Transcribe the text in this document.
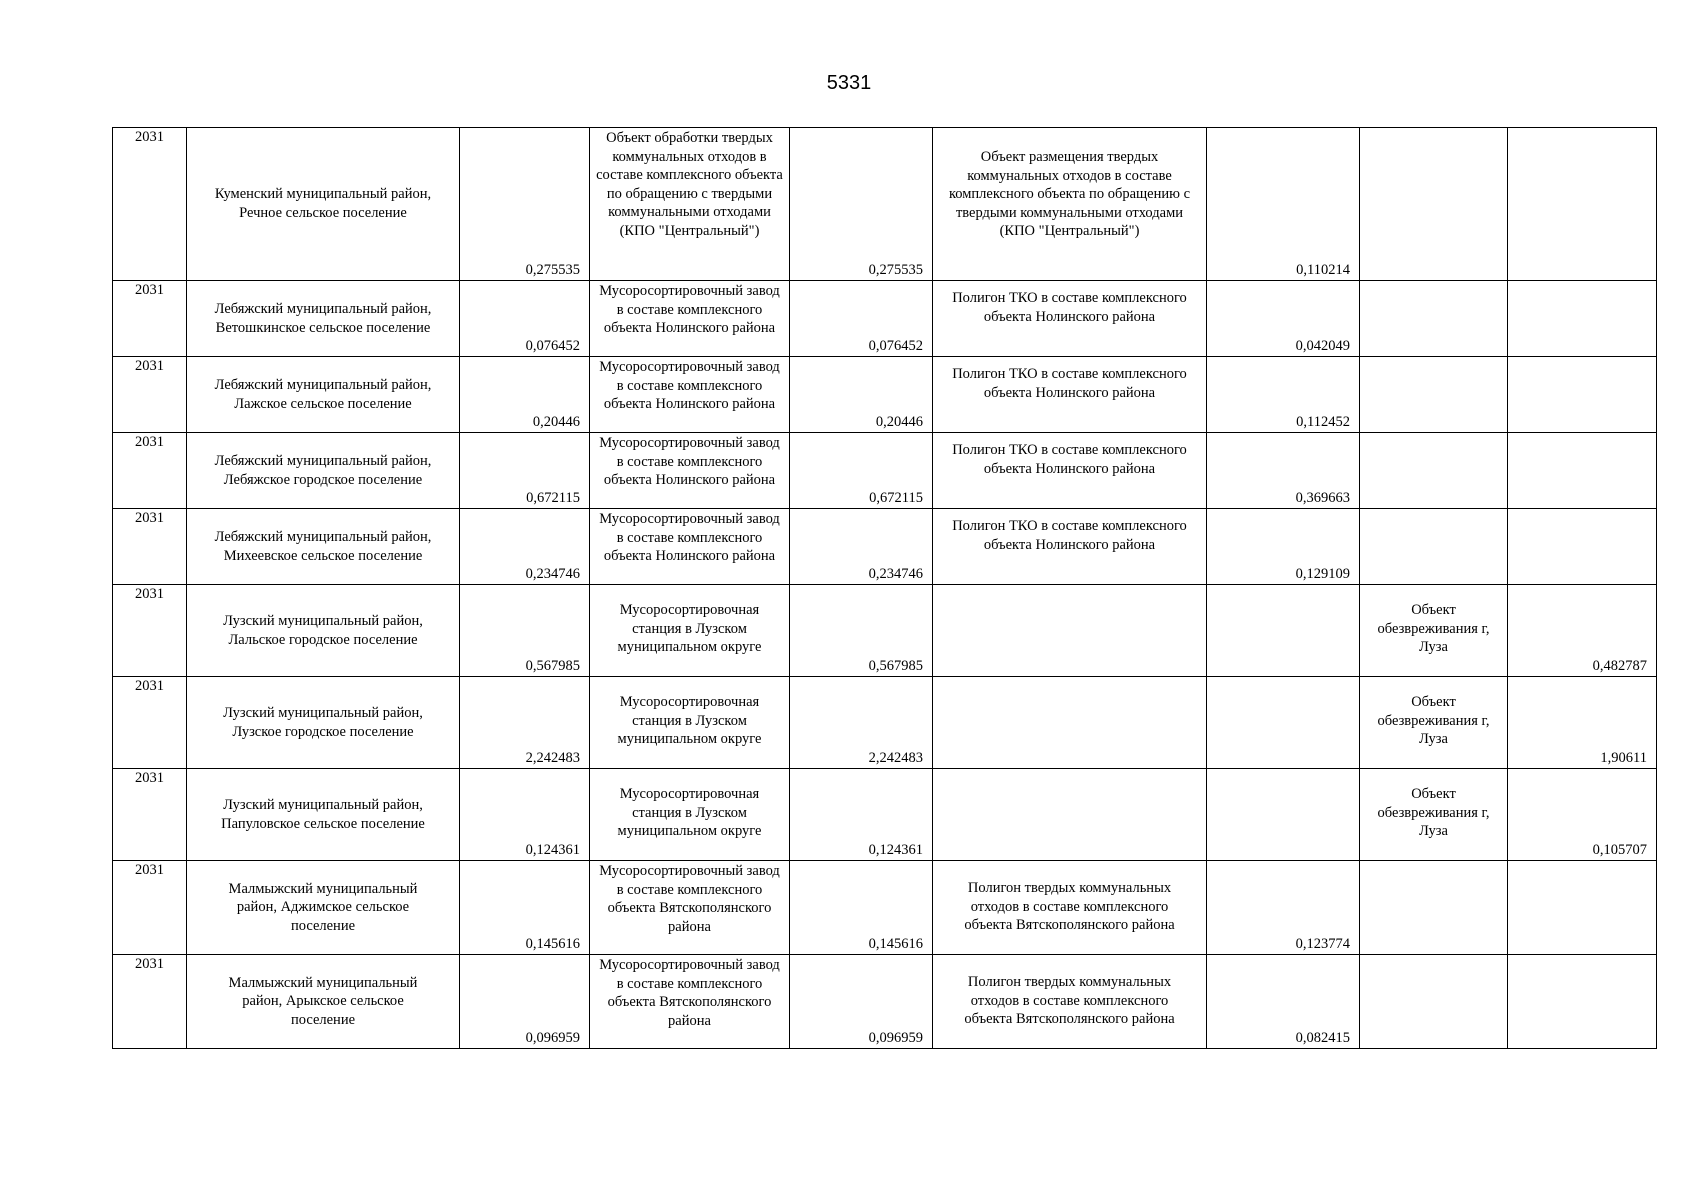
5331
2031	Куменский муниципальный район, Речное сельское поселение	0,275535	Объект обработки твердых коммунальных отходов в составе комплексного объекта по обращению с твердыми коммунальными отходами (КПО "Центральный")	0,275535	Объект размещения твердых коммунальных отходов в составе комплексного объекта по обращению с твердыми коммунальными отходами (КПО "Центральный")	0,110214		
2031	Лебяжский муниципальный район, Ветошкинское сельское поселение	0,076452	Мусоросортировочный завод в составе комплексного объекта Нолинского района	0,076452	Полигон ТКО в составе комплексного объекта Нолинского района	0,042049		
2031	Лебяжский муниципальный район, Лажское сельское поселение	0,20446	Мусоросортировочный завод в составе комплексного объекта Нолинского района	0,20446	Полигон ТКО в составе комплексного объекта Нолинского района	0,112452		
2031	Лебяжский муниципальный район, Лебяжское городское поселение	0,672115	Мусоросортировочный завод в составе комплексного объекта Нолинского района	0,672115	Полигон ТКО в составе комплексного объекта Нолинского района	0,369663		
2031	Лебяжский муниципальный район, Михеевское сельское поселение	0,234746	Мусоросортировочный завод в составе комплексного объекта Нолинского района	0,234746	Полигон ТКО в составе комплексного объекта Нолинского района	0,129109		
2031	Лузский муниципальный район, Лальское городское поселение	0,567985	Мусоросортировочная станция в Лузском муниципальном округе	0,567985			Объект обезвреживания г, Луза	0,482787
2031	Лузский муниципальный район, Лузское городское поселение	2,242483	Мусоросортировочная станция в Лузском муниципальном округе	2,242483			Объект обезвреживания г, Луза	1,90611
2031	Лузский муниципальный район, Папуловское сельское поселение	0,124361	Мусоросортировочная станция в Лузском муниципальном округе	0,124361			Объект обезвреживания г, Луза	0,105707
2031	Малмыжский муниципальный район, Аджимское сельское поселение	0,145616	Мусоросортировочный завод в составе комплексного объекта Вятскополянского района	0,145616	Полигон твердых коммунальных отходов в составе комплексного объекта Вятскополянского района	0,123774		
2031	Малмыжский муниципальный район, Арыкское сельское поселение	0,096959	Мусоросортировочный завод в составе комплексного объекта Вятскополянского района	0,096959	Полигон твердых коммунальных отходов в составе комплексного объекта Вятскополянского района	0,082415		
